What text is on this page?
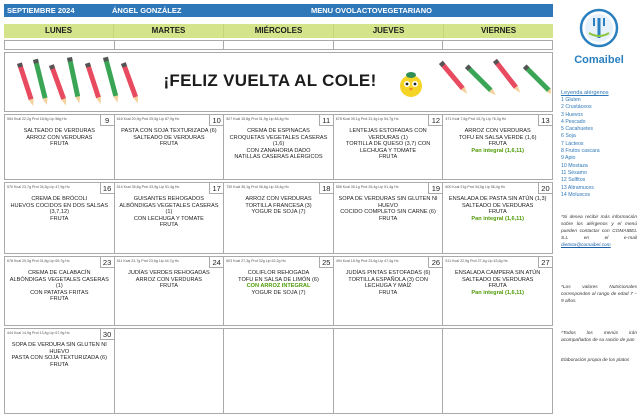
SEPTIEMBRE 2024	ÁNGEL GONZÁLEZ	MENU OVOLACTOVEGETARIANO
LUNES	MARTES	MIÉRCOLES	JUEVES	VIERNES
¡FELIZ VUELTA AL COLE!
554 Kcal 22,2g Prot 18,5g Lip 56g Hc	9
SALTEADO DE VERDURAS
ARROZ CON VERDURAS
FRUTA
616 Kcal 20,9g Prot 25,5g Lip 87,9g Hc	10
PASTA CON SOJA TEXTURIZADA (6)
SALTEADO DE VERDURAS
FRUTA
527 Kcal 15,8g Prot 31,9g Lip 48,4g Hc	11
CREMA DE ESPINACAS
CROQUETAS VEGETALES CASERAS (1,6)
CON ZANAHORIA DADO
NATILLAS CASERAS ALÉRGICOS
678 Kcal 39,1g Prot 31,4g Lip 54,7g Hc	12
LENTEJAS ESTOFADAS CON VERDURAS (1)
TORTILLA DE QUESO (3,7) CON LECHUGA Y TOMATE
FRUTA
471 Kcal 7,6g Prot 15,7g Lip 76,3g Hc	13
ARROZ CON VERDURAS
TOFU EN SALSA VERDE (1,6)
FRUTA
Pan integral (1,6,11)
570 Kcal 23,7g Prot 34,3g Lip 47,9g Hc	16
CREMA DE BRÓCOLI
HUEVOS COCIDOS EN DOS SALSAS (3,7,12)
FRUTA
514 Kcal 35,6g Prot 33,9g Lip 51,4g Hc	17
GUISANTES REHOGADOS
ALBÓNDIGAS VEGETALES CASERAS (1)
CON LECHUGA Y TOMATE
FRUTA
730 Kcal 36,1g Prot 36,6g Lip 18,4g Hc	18
ARROZ CON VERDURAS
TORTILLA FRANCESA (3)
YOGUR DE SOJA (7)
556 Kcal 35,1g Prot 26,4g Lip 51,4g Hc	19
SOPA DE VERDURAS SIN GLUTEN NI HUEVO
COCIDO COMPLETO SIN CARNE (6)
FRUTA
600 Kcal 21g Prot 34,5g Lip 56,4g Hc	20
ENSALADA DE PASTA SIN ATÚN (1,3)
SALTEADO DE VERDURAS
FRUTA
Pan integral (1,6,11)
678 Kcal 29,3g Prot 31,8g Lip 69,7g Hc	23
CREMA DE CALABACÍN
ALBÓNDIGAS VEGETALES CASERAS (1)
CON PATATAS FRITAS
FRUTA
511 Kcal 23,7g Prot 23,6g Lip 44,7g Hc	24
JUDÍAS VERDES REHOGADAS
ARROZ CON VERDURAS
FRUTA
603 Kcal 27,3g Prot 32g Lip 52,2g Hc	25
COLIFLOR REHOGADA
TOFU EN SALSA DE LIMÓN (6)
CON ARROZ INTEGRAL
YOGUR DE SOJA (7)
494 Kcal 18,9g Prot 23,6g Lip 47,4g Hc	26
JUDÍAS PINTAS ESTOFADAS (6)
TORTILLA ESPAÑOLA (3) CON LECHUGA Y MAÍZ
FRUTA
511 Kcal 22,9g Prot 27,4g Lip 43,6g Hc	27
ENSALADA CAMPERA SIN ATÚN
SALTEADO DE VERDURAS
FRUTA
Pan integral (1,6,11)
444 Kcal 14,9g Prot 13,4g Lip 67,9g Hc	30
SOPA DE VERDURA SIN GLUTEN NI HUEVO
PASTA CON SOJA TEXTURIZADA (6)
FRUTA
Comaibel
Leyenda alérgenos
1 Gluten
2 Crustáceos
3 Huevos
4 Pescado
5 Cacahuetes
6 Soja
7 Lácteos
8 Frutos cascara
9 Apio
10 Mostaza
11 Sésamo
12 Sulfitos
13 Altramuces
14 Moluscos
*Si desea recibir más información sobre los alérgenos y el menú pueden contactar con COMAIBEL S.L en el e-mail dietista@comaibel.com
*Los valores Nutricionales corresponden al rango de edad 7 – 9 años.
*Todos los menús irán acompañados de su ración de pan
Elaboración propia de los platos
